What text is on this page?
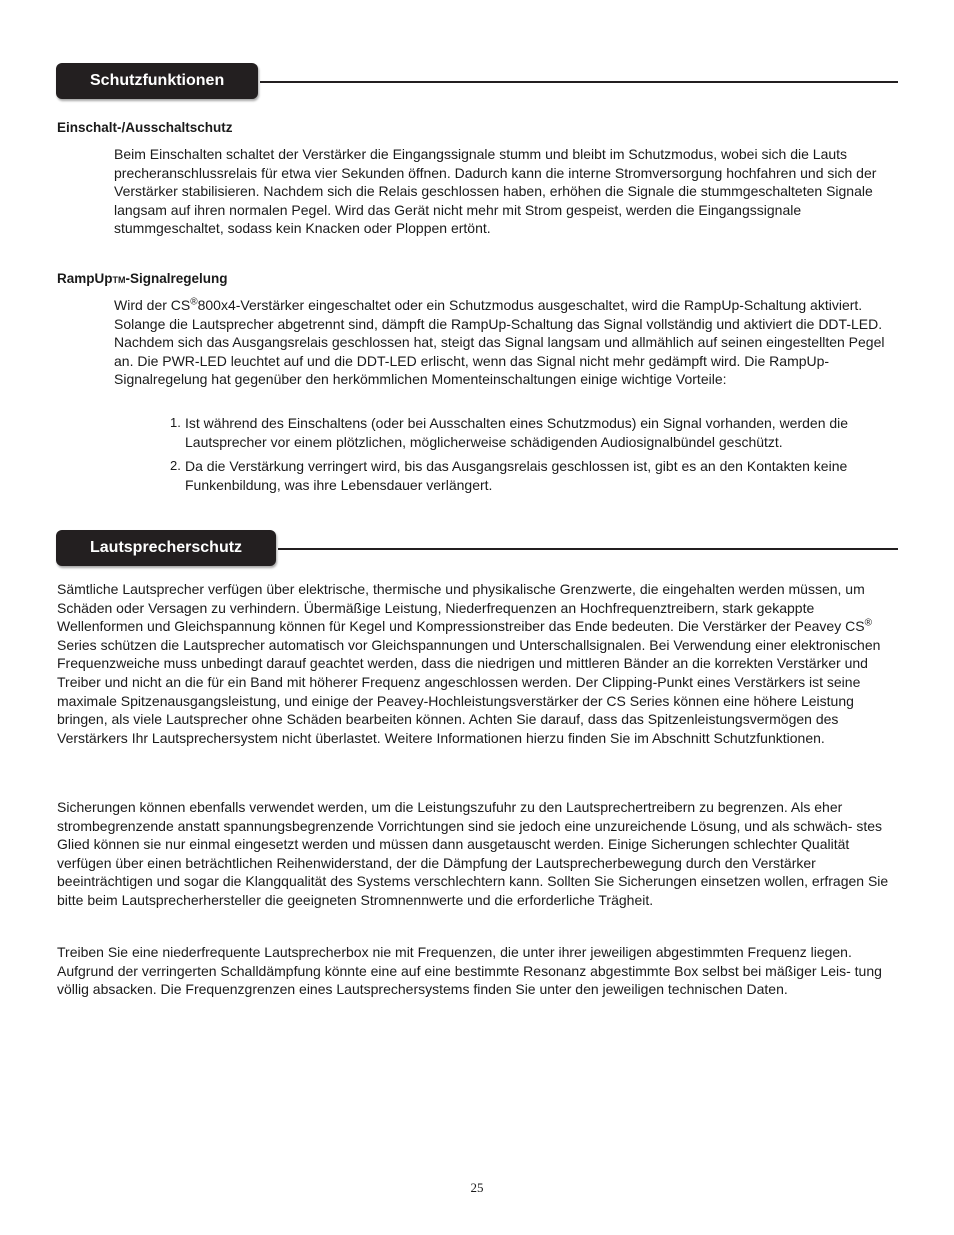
Schutzfunktionen
Einschalt-/Ausschaltschutz

Beim Einschalten schaltet der Verstärker die Eingangssignale stumm und bleibt im Schutzmodus, wobei sich die Lauts precheranschlussrelais für etwa vier Sekunden öffnen. Dadurch kann die interne Stromversorgung hochfahren und sich der Verstärker stabilisieren. Nachdem sich die Relais geschlossen haben, erhöhen die Signale die stummgeschalteten Signale langsam auf ihren normalen Pegel. Wird das Gerät nicht mehr mit Strom gespeist, werden die Eingangssignale stummgeschaltet, sodass kein Knacken oder Ploppen ertönt.

RampUpTM-Signalregelung

Wird der CS®800x4-Verstärker eingeschaltet oder ein Schutzmodus ausgeschaltet, wird die RampUp-Schaltung aktiviert. Solange die Lautsprecher abgetrennt sind, dämpft die RampUp-Schaltung das Signal vollständig und aktiviert die DDT-LED. Nachdem sich das Ausgangsrelais geschlossen hat, steigt das Signal langsam und allmählich auf seinen eingestellten Pegel an. Die PWR-LED leuchtet auf und die DDT-LED erlischt, wenn das Signal nicht mehr gedämpft wird. Die RampUp-Signalregelung hat gegenüber den herkömmlichen Momenteinschaltungen einige wichtige Vorteile:

1. Ist während des Einschaltens (oder bei Ausschalten eines Schutzmodus) ein Signal vorhanden, werden die Lautsprecher vor einem plötzlichen, möglicherweise schädigenden Audiosignalbündel geschützt.
2. Da die Verstärkung verringert wird, bis das Ausgangsrelais geschlossen ist, gibt es an den Kontakten keine Funkenbildung, was ihre Lebensdauer verlängert.
Lautsprecherschutz

Sämtliche Lautsprecher verfügen über elektrische, thermische und physikalische Grenzwerte, die eingehalten werden müssen, um Schäden oder Versagen zu verhindern. Übermäßige Leistung, Niederfrequenzen an Hochfrequenztreibern, stark gekappte Wellenformen und Gleichspannung können für Kegel und Kompressionstreiber das Ende bedeuten. Die Verstärker der Peavey CS® Series schützen die Lautsprecher automatisch vor Gleichspannungen und Unterschallsignalen. Bei Verwendung einer elektronischen Frequenzweiche muss unbedingt darauf geachtet werden, dass die niedrigen und mittleren Bänder an die korrekten Verstärker und Treiber und nicht an die für ein Band mit höherer Frequenz angeschlossen werden. Der Clipping-Punkt eines Verstärkers ist seine maximale Spitzenausgangsleistung, und einige der Peavey-Hochleistungsverstärker der CS Series können eine höhere Leistung bringen, als viele Lautsprecher ohne Schäden bearbeiten können. Achten Sie darauf, dass das Spitzenleistungsvermögen des Verstärkers Ihr Lautsprechersystem nicht überlastet. Weitere Informationen hierzu finden Sie im Abschnitt Schutzfunktionen.

Sicherungen können ebenfalls verwendet werden, um die Leistungszufuhr zu den Lautsprechertreibern zu begrenzen. Als eher strombegrenzende anstatt spannungsbegrenzende Vorrichtungen sind sie jedoch eine unzureichende Lösung, und als schwäch- stes Glied können sie nur einmal eingesetzt werden und müssen dann ausgetauscht werden. Einige Sicherungen schlechter Qualität verfügen über einen beträchtlichen Reihenwiderstand, der die Dämpfung der Lautsprecherbewegung durch den Verstärker beeinträchtigen und sogar die Klangqualität des Systems verschlechtern kann. Sollten Sie Sicherungen einsetzen wollen, erfragen Sie bitte beim Lautsprecherhersteller die geeigneten Stromnennwerte und die erforderliche Trägheit.

Treiben Sie eine niederfrequente Lautsprecherbox nie mit Frequenzen, die unter ihrer jeweiligen abgestimmten Frequenz liegen. Aufgrund der verringerten Schalldämpfung könnte eine auf eine bestimmte Resonanz abgestimmte Box selbst bei mäßiger Leis- tung völlig absacken. Die Frequenzgrenzen eines Lautsprechersystems finden Sie unter den jeweiligen technischen Daten.

25
